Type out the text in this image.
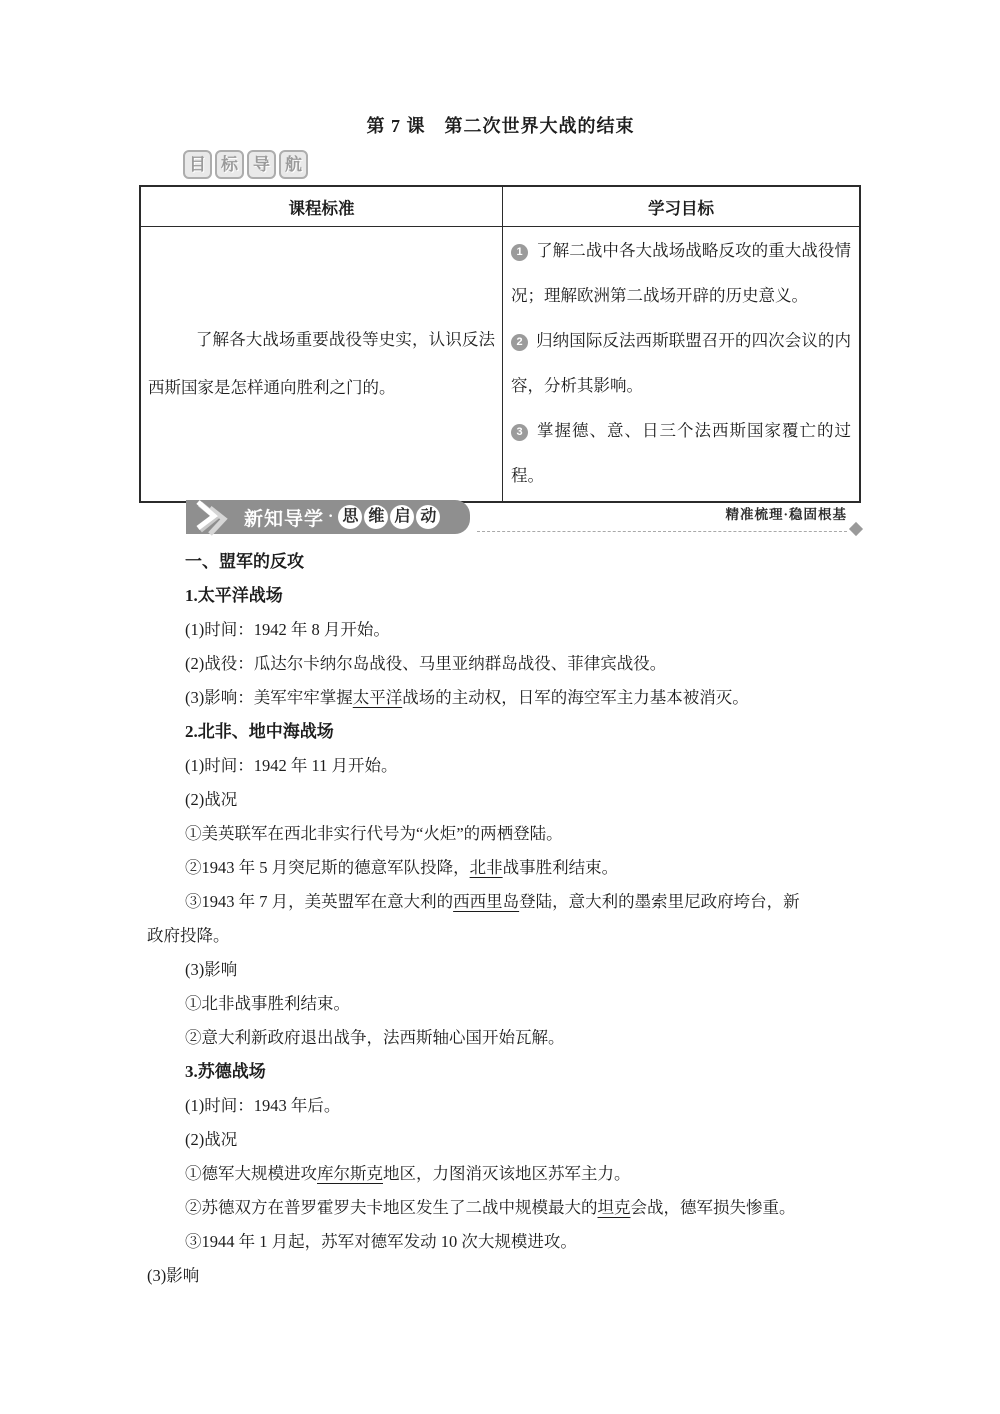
第 7 课　第二次世界大战的结束
目 标 导 航
课程标准	学习目标

了解各大战场重要战役等史实，认识反法西斯国家是怎样通向胜利之门的。	1 了解二战中各大战场战略反攻的重大战役情况；理解欧洲第二战场开辟的历史意义。

2 归纳国际反法西斯联盟召开的四次会议的内容，分析其影响。

3 掌握德、意、日三个法西斯国家覆亡的过程。

新知导学 · 思 维 启 动	精准梳理·稳固根基

一、盟军的反攻

1.太平洋战场

(1)时间：1942 年 8 月开始。

(2)战役：瓜达尔卡纳尔岛战役、马里亚纳群岛战役、菲律宾战役。

(3)影响：美军牢牢掌握太平洋战场的主动权，日军的海空军主力基本被消灭。

2.北非、地中海战场

(1)时间：1942 年 11 月开始。

(2)战况

①美英联军在西北非实行代号为“火炬”的两栖登陆。

②1943 年 5 月突尼斯的德意军队投降，北非战事胜利结束。

③1943 年 7 月，美英盟军在意大利的西西里岛登陆，意大利的墨索里尼政府垮台，新

政府投降。

(3)影响

①北非战事胜利结束。

②意大利新政府退出战争，法西斯轴心国开始瓦解。

3.苏德战场

(1)时间：1943 年后。

(2)战况

①德军大规模进攻库尔斯克地区，力图消灭该地区苏军主力。

②苏德双方在普罗霍罗夫卡地区发生了二战中规模最大的坦克会战，德军损失惨重。

③1944 年 1 月起，苏军对德军发动 10 次大规模进攻。

(3)影响
